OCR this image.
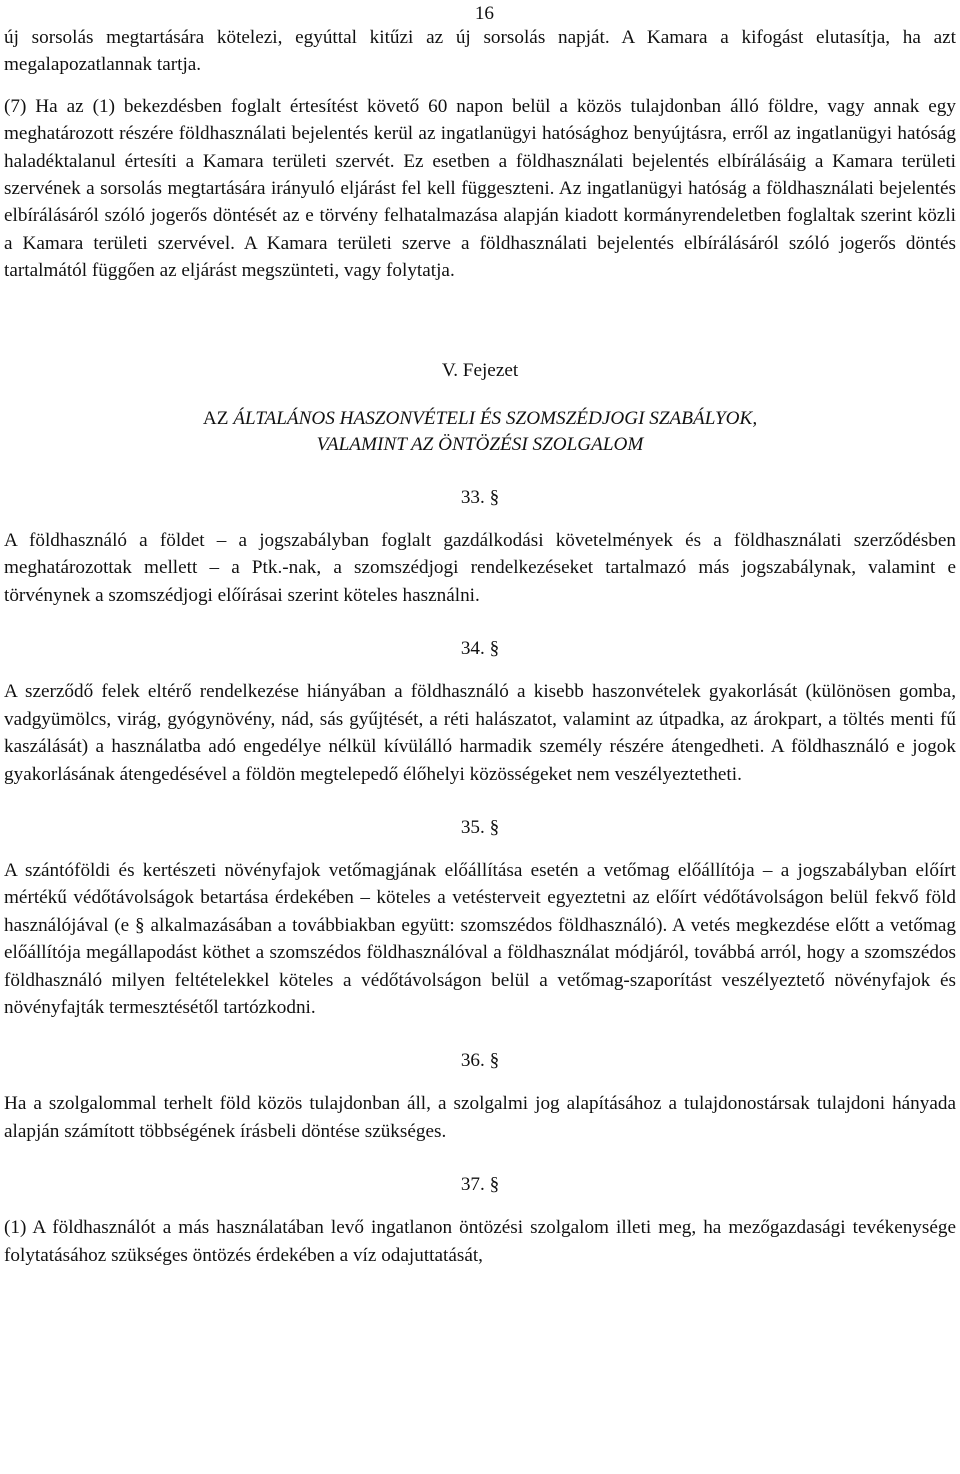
16

új sorsolás megtartására kötelezi, egyúttal kitűzi az új sorsolás napját. A Kamara a kifogást elutasítja, ha azt megalapozatlannak tartja.

(7) Ha az (1) bekezdésben foglalt értesítést követő 60 napon belül a közös tulajdonban álló földre, vagy annak egy meghatározott részére földhasználati bejelentés kerül az ingatlanügyi hatósághoz benyújtásra, erről az ingatlanügyi hatóság haladéktalanul értesíti a Kamara területi szervét. Ez esetben a földhasználati bejelentés elbírálásáig a Kamara területi szervének a sorsolás megtartására irányuló eljárást fel kell függeszteni. Az ingatlanügyi hatóság a földhasználati bejelentés elbírálásáról szóló jogerős döntését az e törvény felhatalmazása alapján kiadott kormányrendeletben foglaltak szerint közli a Kamara területi szervével. A Kamara területi szerve a földhasználati bejelentés elbírálásáról szóló jogerős döntés tartalmától függően az eljárást megszünteti, vagy folytatja.

V. Fejezet

AZ ÁLTALÁNOS HASZONVÉTELI ÉS SZOMSZÉDJOGI SZABÁLYOK,

VALAMINT AZ ÖNTÖZÉSI SZOLGALOM

33. §

A földhasználó a földet – a jogszabályban foglalt gazdálkodási követelmények és a földhasználati szerződésben meghatározottak mellett – a Ptk.-nak, a szomszédjogi rendelkezéseket tartalmazó más jogszabálynak, valamint e törvénynek a szomszédjogi előírásai szerint köteles használni.

34. §

A szerződő felek eltérő rendelkezése hiányában a földhasználó a kisebb haszonvételek gyakorlását (különösen gomba, vadgyümölcs, virág, gyógynövény, nád, sás gyűjtését, a réti halászatot, valamint az útpadka, az árokpart, a töltés menti fű kaszálását) a használatba adó engedélye nélkül kívülálló harmadik személy részére átengedheti. A földhasználó e jogok gyakorlásának átengedésével a földön megtelepedő élőhelyi közösségeket nem veszélyeztetheti.

35. §

A szántóföldi és kertészeti növényfajok vetőmagjának előállítása esetén a vetőmag előállítója – a jogszabályban előírt mértékű védőtávolságok betartása érdekében – köteles a vetésterveit egyeztetni az előírt védőtávolságon belül fekvő föld használójával (e § alkalmazásában a továbbiakban együtt: szomszédos földhasználó). A vetés megkezdése előtt a vetőmag előállítója megállapodást köthet a szomszédos földhasználóval a földhasználat módjáról, továbbá arról, hogy a szomszédos földhasználó milyen feltételekkel köteles a védőtávolságon belül a vetőmag-szaporítást veszélyeztető növényfajok és növényfajták termesztésétől tartózkodni.

36. §

Ha a szolgalommal terhelt föld közös tulajdonban áll, a szolgalmi jog alapításához a tulajdonostársak tulajdoni hányada alapján számított többségének írásbeli döntése szükséges.

37. §

(1) A földhasználót a más használatában levő ingatlanon öntözési szolgalom illeti meg, ha mezőgazdasági tevékenysége folytatásához szükséges öntözés érdekében a víz odajuttatását,
